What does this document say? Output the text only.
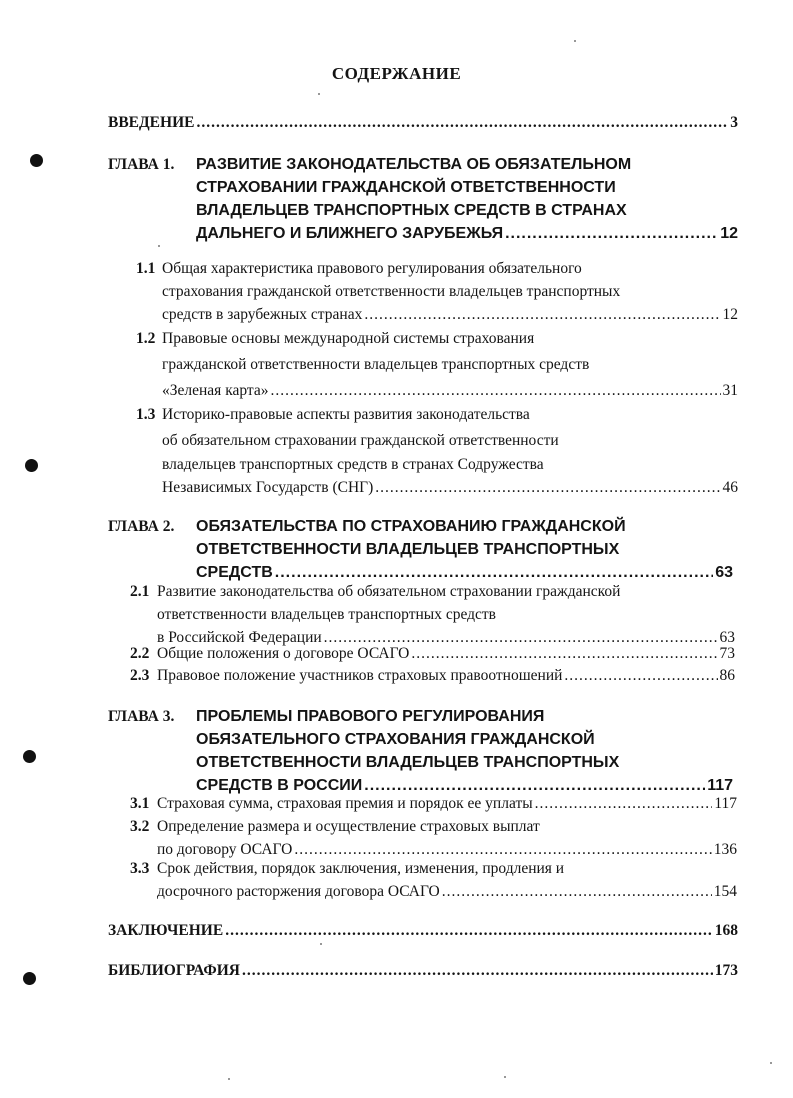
СОДЕРЖАНИЕ
ВВЕДЕНИЕ .....	3
ГЛАВА 1. РАЗВИТИЕ ЗАКОНОДАТЕЛЬСТВА ОБ ОБЯЗАТЕЛЬНОМ
СТРАХОВАНИИ ГРАЖДАНСКОЙ ОТВЕТСТВЕННОСТИ
ВЛАДЕЛЬЦЕВ ТРАНСПОРТНЫХ СРЕДСТВ В СТРАНАХ
ДАЛЬНЕГО И БЛИЖНЕГО ЗАРУБЕЖЬЯ .....	12
1.1 Общая характеристика правового регулирования обязательного
страхования гражданской ответственности владельцев транспортных
средств в зарубежных странах .....	12
1.2 Правовые основы международной системы страхования
гражданской ответственности владельцев транспортных средств
«Зеленая карта» .....	31
1.3 Историко-правовые аспекты развития законодательства
об обязательном страховании гражданской ответственности
владельцев транспортных средств в странах Содружества
Независимых Государств (СНГ) .....	46
ГЛАВА 2. ОБЯЗАТЕЛЬСТВА ПО СТРАХОВАНИЮ ГРАЖДАНСКОЙ
ОТВЕТСТВЕННОСТИ ВЛАДЕЛЬЦЕВ ТРАНСПОРТНЫХ
СРЕДСТВ .....	63
2.1 Развитие законодательства об обязательном страховании гражданской
ответственности владельцев транспортных средств
в Российской Федерации .....	63
2.2 Общие положения о договоре ОСАГО .....	73
2.3 Правовое положение участников страховых правоотношений .....	86
ГЛАВА 3. ПРОБЛЕМЫ ПРАВОВОГО РЕГУЛИРОВАНИЯ
ОБЯЗАТЕЛЬНОГО СТРАХОВАНИЯ ГРАЖДАНСКОЙ
ОТВЕТСТВЕННОСТИ ВЛАДЕЛЬЦЕВ ТРАНСПОРТНЫХ
СРЕДСТВ В РОССИИ .....	117
3.1 Страховая сумма, страховая премия и порядок ее уплаты .....	117
3.2 Определение размера и осуществление страховых выплат
по договору ОСАГО .....	136
3.3 Срок действия, порядок заключения, изменения, продления и
досрочного расторжения договора ОСАГО .....	154
ЗАКЛЮЧЕНИЕ .....	168
БИБЛИОГРАФИЯ .....	173
